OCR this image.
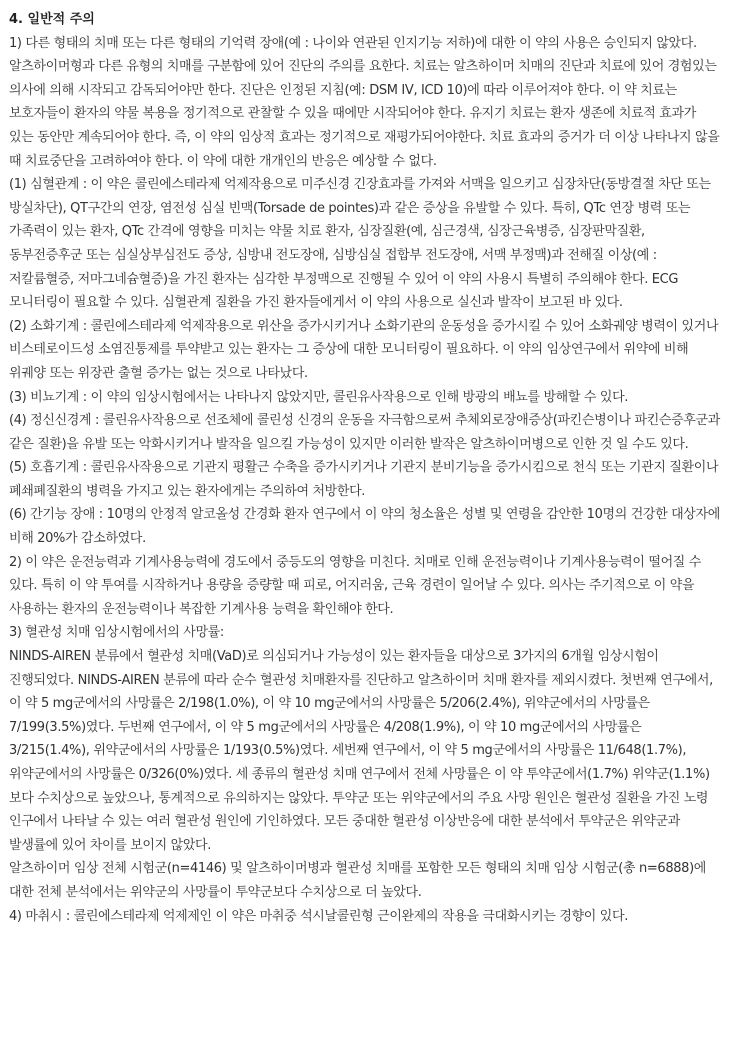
4. 일반적 주의

1) 다른 형태의 치매 또는 다른 형태의 기억력 장애(예 : 나이와 연관된 인지기능 저하)에 대한 이 약의 사용은 승인되지 않았다.

알츠하이머형과 다른 유형의 치매를 구분함에 있어 진단의 주의를 요한다. 치료는 알츠하이머 치매의 진단과 치료에 있어 경험있는 의사에 의해 시작되고 감독되어야만 한다. 진단은 인정된 지침(예: DSM IV, ICD 10)에 따라 이루어져야 한다. 이 약 치료는 보호자들이 환자의 약물 복용을 정기적으로 관찰할 수 있을 때에만 시작되어야 한다. 유지기 치료는 환자 생존에 치료적 효과가 있는 동안만 계속되어야 한다. 즉, 이 약의 임상적 효과는 정기적으로 재평가되어야한다. 치료 효과의 증거가 더 이상 나타나지 않을 때 치료중단을 고려하여야 한다. 이 약에 대한 개개인의 반응은 예상할 수 없다.

(1) 심혈관계 : 이 약은 콜린에스테라제 억제작용으로 미주신경 긴장효과를 가져와 서맥을 일으키고 심장차단(동방결절 차단 또는 방실차단), QT구간의 연장, 염전성 심실 빈맥(Torsade de pointes)과 같은 증상을 유발할 수 있다. 특히, QTc 연장 병력 또는 가족력이 있는 환자, QTc 간격에 영향을 미치는 약물 치료 환자, 심장질환(예, 심근경색, 심장근육병증, 심장판막질환, 동부전증후군 또는 심실상부심전도 증상, 심방내 전도장애, 심방심실 접합부 전도장애, 서맥 부정맥)과 전해질 이상(예 : 저칼륨혈증, 저마그네슘혈증)을 가진 환자는 심각한 부정맥으로 진행될 수 있어 이 약의 사용시 특별히 주의해야 한다. ECG 모니터링이 필요할 수 있다. 심혈관계 질환을 가진 환자들에게서 이 약의 사용으로 실신과 발작이 보고된 바 있다.

(2) 소화기계 : 콜린에스테라제 억제작용으로 위산을 증가시키거나 소화기관의 운동성을 증가시킬 수 있어 소화궤양 병력이 있거나 비스테로이드성 소염진통제를 투약받고 있는 환자는 그 증상에 대한 모니터링이 필요하다. 이 약의 임상연구에서 위약에 비해 위궤양 또는 위장관 출혈 증가는 없는 것으로 나타났다.

(3) 비뇨기계 : 이 약의 임상시험에서는 나타나지 않았지만, 콜린유사작용으로 인해 방광의 배뇨를 방해할 수 있다.

(4) 정신신경계 : 콜린유사작용으로 선조체에 콜린성 신경의 운동을 자극함으로써 추체외로장애증상(파킨슨병이나 파킨슨증후군과 같은 질환)을 유발 또는 악화시키거나 발작을 일으킬 가능성이 있지만 이러한 발작은 알츠하이머병으로 인한 것 일 수도 있다.

(5) 호흡기계 : 콜린유사작용으로 기관지 평활근 수축을 증가시키거나 기관지 분비기능을 증가시킴으로 천식 또는 기관지 질환이나 폐쇄폐질환의 병력을 가지고 있는 환자에게는 주의하여 처방한다.

(6) 간기능 장애 : 10명의 안정적 알코올성 간경화 환자 연구에서 이 약의 청소율은 성별 및 연령을 감안한 10명의 건강한 대상자에 비해 20%가 감소하였다.

2) 이 약은 운전능력과 기계사용능력에 경도에서 중등도의 영향을 미친다. 치매로 인해 운전능력이나 기계사용능력이 떨어질 수 있다. 특히 이 약 투여를 시작하거나 용량을 증량할 때 피로, 어지러움, 근육 경련이 일어날 수 있다. 의사는 주기적으로 이 약을 사용하는 환자의 운전능력이나 복잡한 기계사용 능력을 확인해야 한다.

3) 혈관성 치매 임상시험에서의 사망률:

NINDS-AIREN 분류에서 혈관성 치매(VaD)로 의심되거나 가능성이 있는 환자들을 대상으로 3가지의 6개월 임상시험이 진행되었다. NINDS-AIREN 분류에 따라 순수 혈관성 치매환자를 진단하고 알츠하이머 치매 환자를 제외시켰다. 첫번째 연구에서, 이 약 5 mg군에서의 사망률은 2/198(1.0%), 이 약 10 mg군에서의 사망률은 5/206(2.4%), 위약군에서의 사망률은 7/199(3.5%)였다. 두번째 연구에서, 이 약 5 mg군에서의 사망률은 4/208(1.9%), 이 약 10 mg군에서의 사망률은 3/215(1.4%), 위약군에서의 사망률은 1/193(0.5%)였다. 세번째 연구에서, 이 약 5 mg군에서의 사망률은 11/648(1.7%), 위약군에서의 사망률은 0/326(0%)였다. 세 종류의 혈관성 치매 연구에서 전체 사망률은 이 약 투약군에서(1.7%) 위약군(1.1%)보다 수치상으로 높았으나, 통계적으로 유의하지는 않았다. 투약군 또는 위약군에서의 주요 사망 원인은 혈관성 질환을 가진 노령 인구에서 나타날 수 있는 여러 혈관성 원인에 기인하였다. 모든 중대한 혈관성 이상반응에 대한 분석에서 투약군은 위약군과 발생률에 있어 차이를 보이지 않았다.

알츠하이머 임상 전체 시험군(n=4146) 및 알츠하이머병과 혈관성 치매를 포함한 모든 형태의 치매 임상 시험군(총 n=6888)에 대한 전체 분석에서는 위약군의 사망률이 투약군보다 수치상으로 더 높았다.

4) 마취시 : 콜린에스테라제 억제제인 이 약은 마취중 석시날콜린형 근이완제의 작용을 극대화시키는 경향이 있다.
